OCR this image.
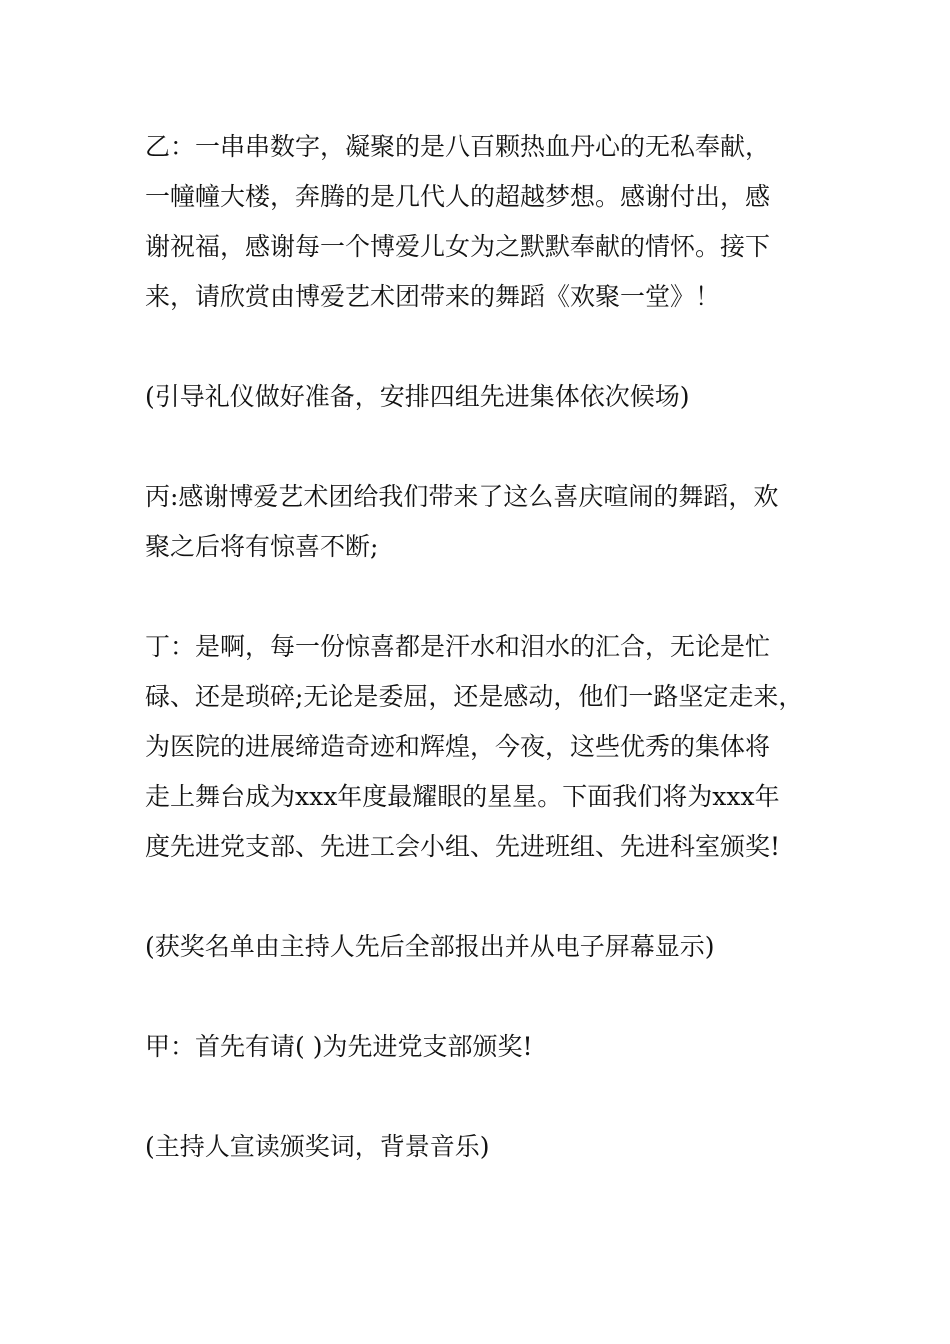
乙：一串串数字，凝聚的是八百颗热血丹心的无私奉献，
一幢幢大楼，奔腾的是几代人的超越梦想。感谢付出，感
谢祝福，感谢每一个博爱儿女为之默默奉献的情怀。接下
来，请欣赏由博爱艺术团带来的舞蹈《欢聚一堂》！
(引导礼仪做好准备，安排四组先进集体依次候场)
丙:感谢博爱艺术团给我们带来了这么喜庆喧闹的舞蹈，欢
聚之后将有惊喜不断;
丁：是啊，每一份惊喜都是汗水和泪水的汇合，无论是忙
碌、还是琐碎;无论是委屈，还是感动，他们一路坚定走来，
为医院的进展缔造奇迹和辉煌，今夜，这些优秀的集体将
走上舞台成为xxx年度最耀眼的星星。下面我们将为xxx年
度先进党支部、先进工会小组、先进班组、先进科室颁奖!
(获奖名单由主持人先后全部报出并从电子屏幕显示)
甲：首先有请( )为先进党支部颁奖!
(主持人宣读颁奖词，背景音乐)
